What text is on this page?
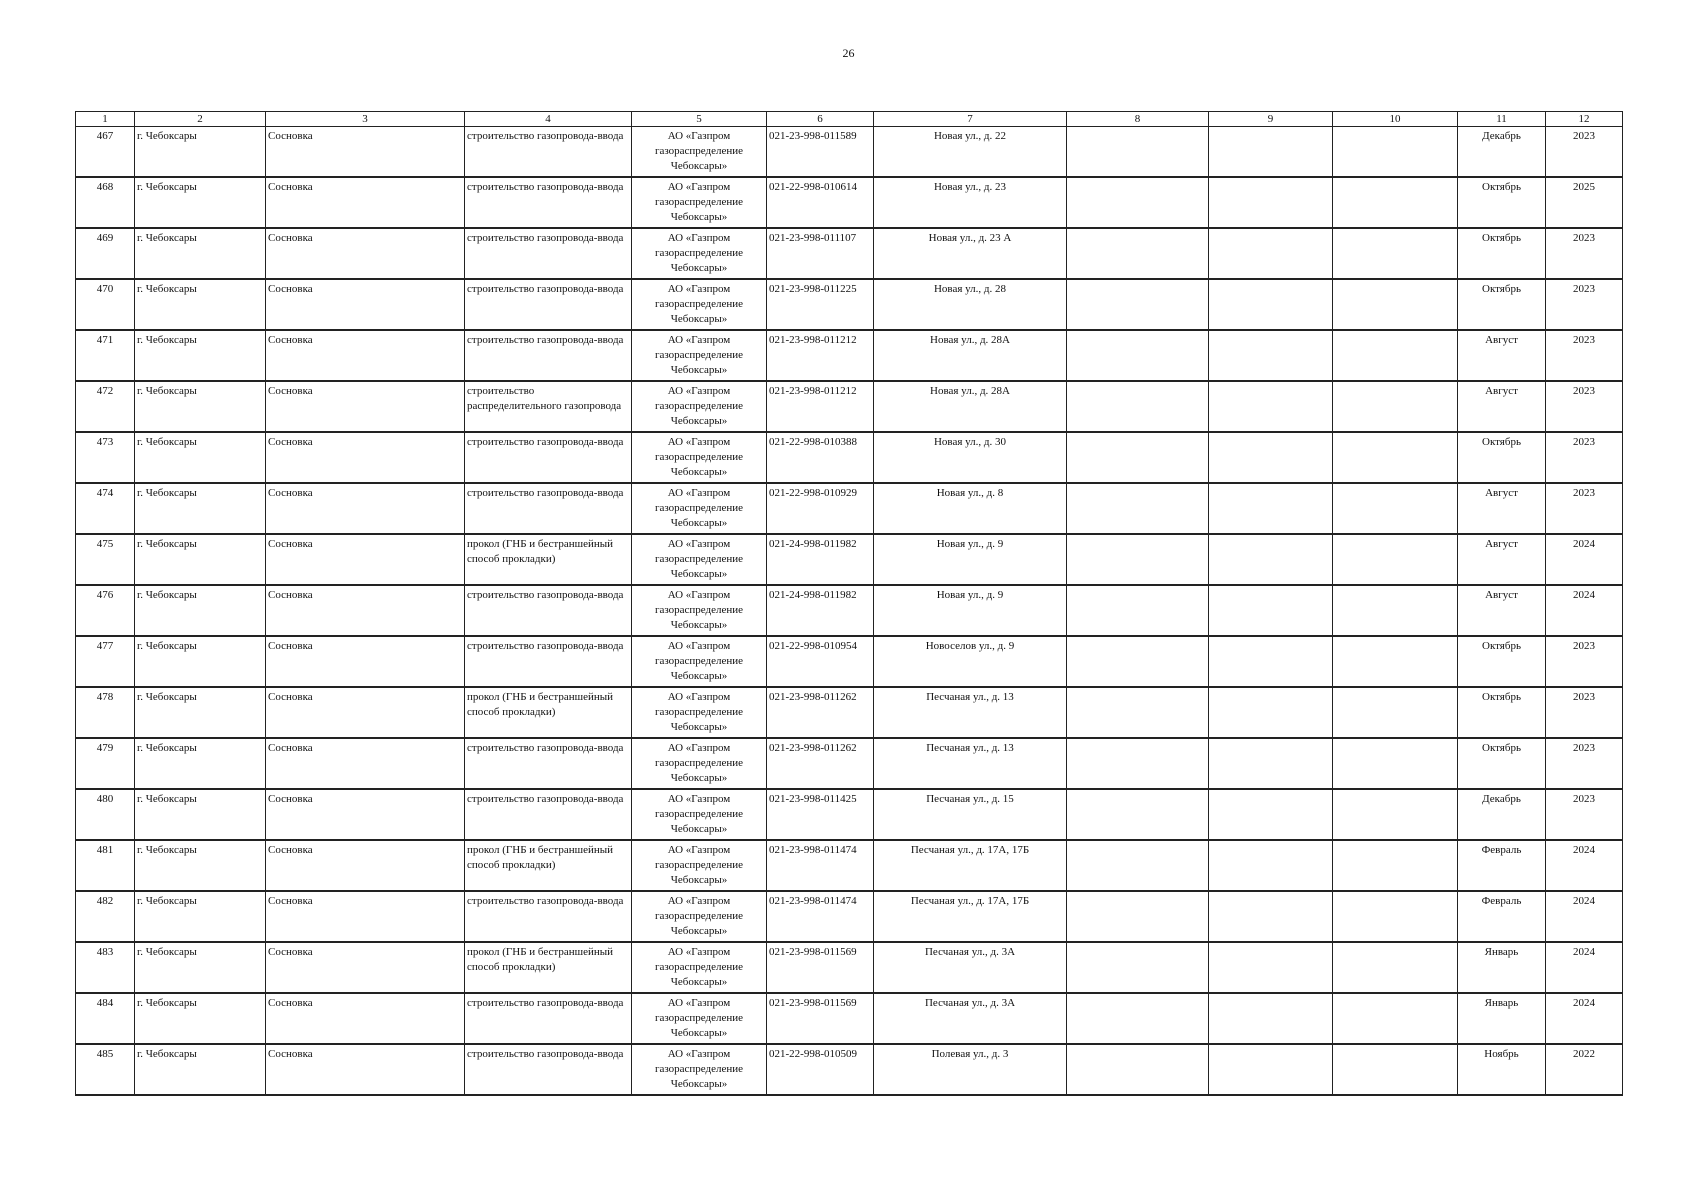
26
1	2	3	4	5	6	7	8	9	10	11	12
467	г. Чебоксары	Сосновка	строительство газопровода-ввода	АО «Газпром газораспределение Чебоксары»	021-23-998-011589	Новая ул., д. 22				Декабрь	2023
468	г. Чебоксары	Сосновка	строительство газопровода-ввода	АО «Газпром газораспределение Чебоксары»	021-22-998-010614	Новая ул., д. 23				Октябрь	2025
469	г. Чебоксары	Сосновка	строительство газопровода-ввода	АО «Газпром газораспределение Чебоксары»	021-23-998-011107	Новая ул., д. 23 А				Октябрь	2023
470	г. Чебоксары	Сосновка	строительство газопровода-ввода	АО «Газпром газораспределение Чебоксары»	021-23-998-011225	Новая ул., д. 28				Октябрь	2023
471	г. Чебоксары	Сосновка	строительство газопровода-ввода	АО «Газпром газораспределение Чебоксары»	021-23-998-011212	Новая ул., д. 28А				Август	2023
472	г. Чебоксары	Сосновка	строительство распределительного газопровода	АО «Газпром газораспределение Чебоксары»	021-23-998-011212	Новая ул., д. 28А				Август	2023
473	г. Чебоксары	Сосновка	строительство газопровода-ввода	АО «Газпром газораспределение Чебоксары»	021-22-998-010388	Новая ул., д. 30				Октябрь	2023
474	г. Чебоксары	Сосновка	строительство газопровода-ввода	АО «Газпром газораспределение Чебоксары»	021-22-998-010929	Новая ул., д. 8				Август	2023
475	г. Чебоксары	Сосновка	прокол (ГНБ и бестраншейный способ прокладки)	АО «Газпром газораспределение Чебоксары»	021-24-998-011982	Новая ул., д. 9				Август	2024
476	г. Чебоксары	Сосновка	строительство газопровода-ввода	АО «Газпром газораспределение Чебоксары»	021-24-998-011982	Новая ул., д. 9				Август	2024
477	г. Чебоксары	Сосновка	строительство газопровода-ввода	АО «Газпром газораспределение Чебоксары»	021-22-998-010954	Новоселов ул., д. 9				Октябрь	2023
478	г. Чебоксары	Сосновка	прокол (ГНБ и бестраншейный способ прокладки)	АО «Газпром газораспределение Чебоксары»	021-23-998-011262	Песчаная ул., д. 13				Октябрь	2023
479	г. Чебоксары	Сосновка	строительство газопровода-ввода	АО «Газпром газораспределение Чебоксары»	021-23-998-011262	Песчаная ул., д. 13				Октябрь	2023
480	г. Чебоксары	Сосновка	строительство газопровода-ввода	АО «Газпром газораспределение Чебоксары»	021-23-998-011425	Песчаная ул., д. 15				Декабрь	2023
481	г. Чебоксары	Сосновка	прокол (ГНБ и бестраншейный способ прокладки)	АО «Газпром газораспределение Чебоксары»	021-23-998-011474	Песчаная ул., д. 17А, 17Б				Февраль	2024
482	г. Чебоксары	Сосновка	строительство газопровода-ввода	АО «Газпром газораспределение Чебоксары»	021-23-998-011474	Песчаная ул., д. 17А, 17Б				Февраль	2024
483	г. Чебоксары	Сосновка	прокол (ГНБ и бестраншейный способ прокладки)	АО «Газпром газораспределение Чебоксары»	021-23-998-011569	Песчаная ул., д. 3А				Январь	2024
484	г. Чебоксары	Сосновка	строительство газопровода-ввода	АО «Газпром газораспределение Чебоксары»	021-23-998-011569	Песчаная ул., д. 3А				Январь	2024
485	г. Чебоксары	Сосновка	строительство газопровода-ввода	АО «Газпром газораспределение Чебоксары»	021-22-998-010509	Полевая ул., д. 3				Ноябрь	2022
